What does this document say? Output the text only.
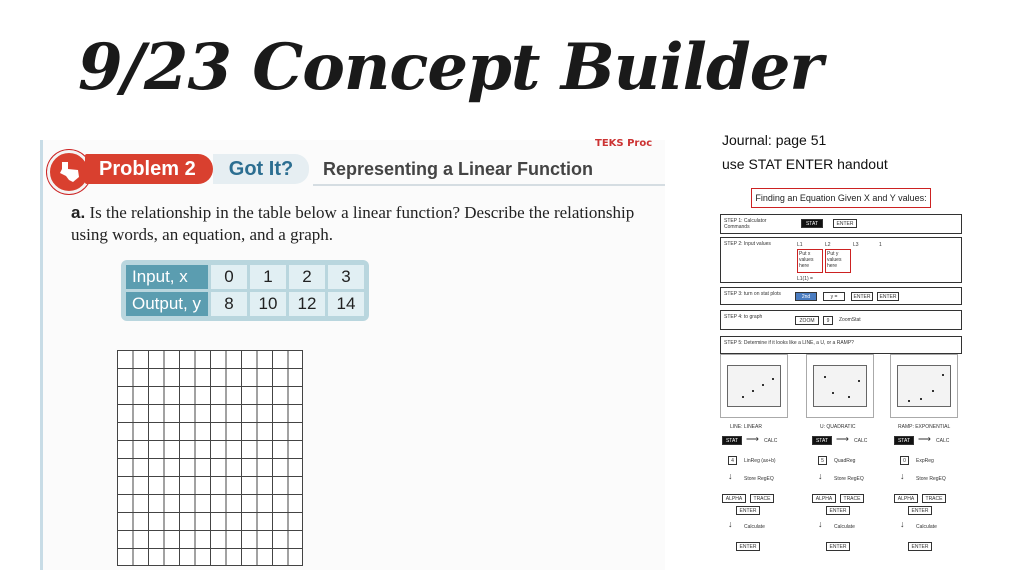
9/23 Concept Builder
Problem 2	Got It?	Representing a Linear Function
a. Is the relationship in the table below a linear function? Describe the relationship using words, an equation, and a graph.
Input, x	0	1	2	3
Output, y	8	10	12	14
TEKS Proc	Journal: page 51
use STAT ENTER handout
Finding an Equation Given X and Y values:
STEP 1: Calculator Commands	STAT	ENTER
STEP 2: Input values	L1	L2	L3	1
Put x values here
Put y values here
L1(1) =
STEP 3: turn on stat plots	2nd	y =	ENTER	ENTER
STEP 4: to graph
ZOOM	9	ZoomStat
STEP 5: Determine if it looks like a LINE, a U, or a RAMP?
LINE: LINEAR
STAT ⟶ CALC
4	LinReg (ax+b)
↓ Store RegEQ
ALPHA	TRACE
ENTER
↓ Calculate
ENTER
U: QUADRATIC
STAT ⟶ CALC
5	QuadReg
↓ Store RegEQ
ALPHA	TRACE
ENTER
↓ Calculate
ENTER
RAMP: EXPONENTIAL
STAT ⟶ CALC
0	ExpReg
↓ Store RegEQ
ALPHA	TRACE
ENTER
↓ Calculate
ENTER
